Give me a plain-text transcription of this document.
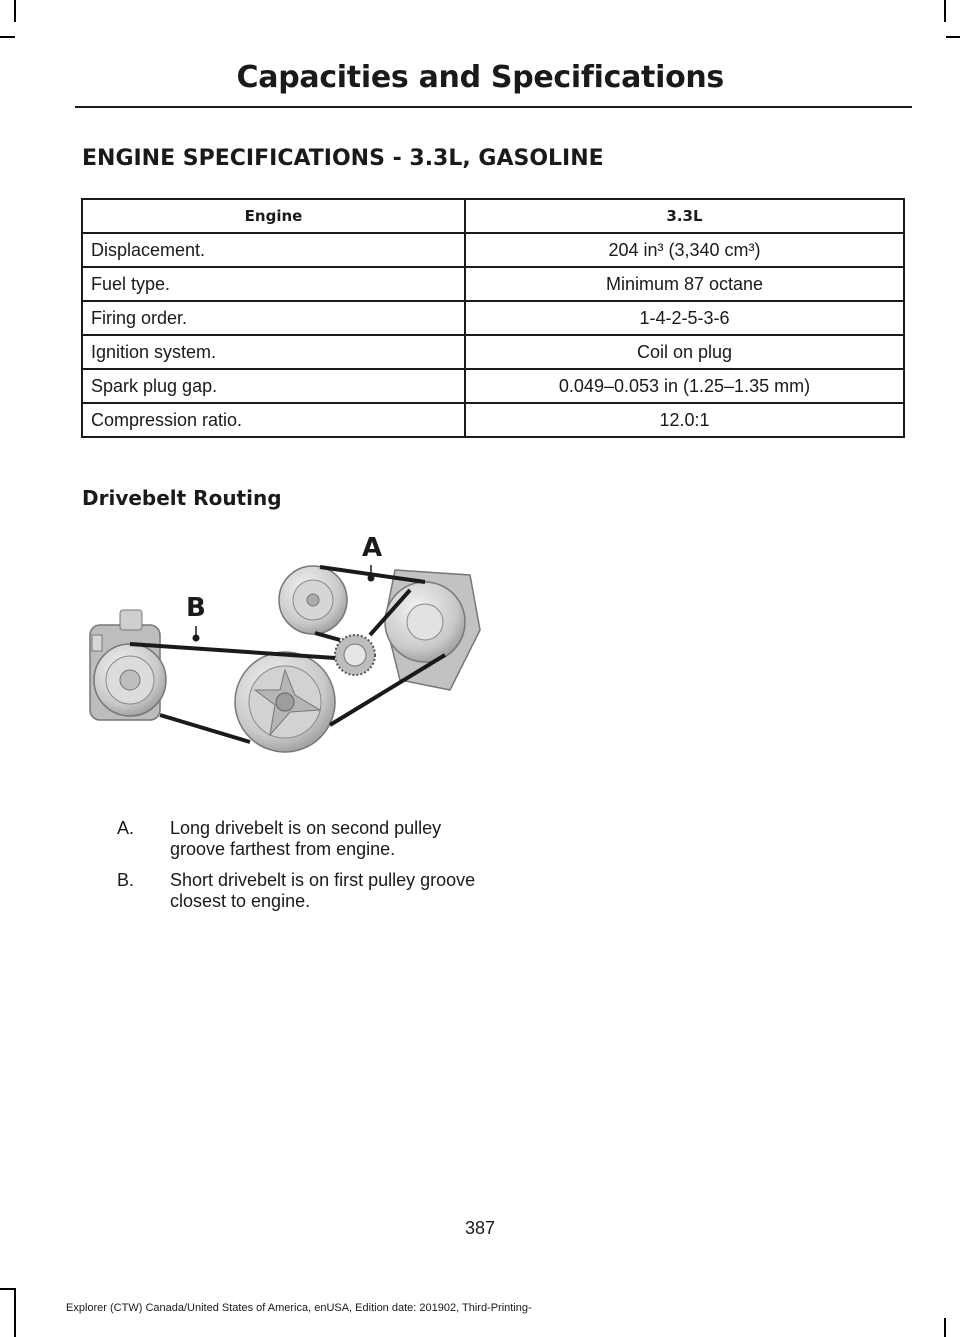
Capacities and Specifications
ENGINE SPECIFICATIONS - 3.3L, GASOLINE
Engine	3.3L
Displacement.	204 in³ (3,340 cm³)
Fuel type.	Minimum 87 octane
Firing order.	1-4-2-5-3-6
Ignition system.	Coil on plug
Spark plug gap.	0.049–0.053 in (1.25–1.35 mm)
Compression ratio.	12.0:1
Drivebelt Routing
A
B
A.	Long drivebelt is on second pulley groove farthest from engine.
B.	Short drivebelt is on first pulley groove closest to engine.
387
Explorer (CTW) Canada/United States of America, enUSA, Edition date: 201902, Third-Printing-
